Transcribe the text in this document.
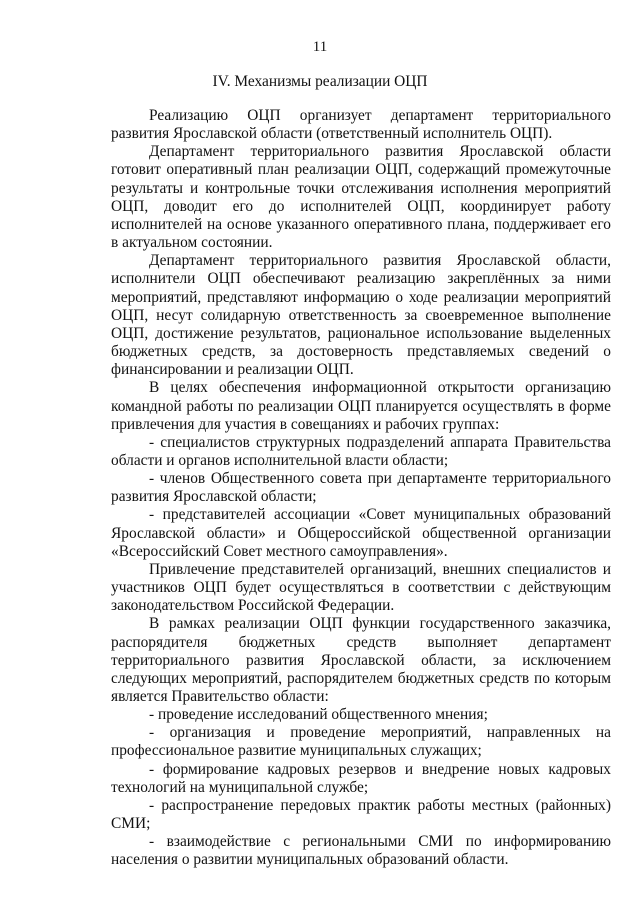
11
IV. Механизмы реализации ОЦП

Реализацию ОЦП организует департамент территориального развития Ярославской области (ответственный исполнитель ОЦП).

Департамент территориального развития Ярославской области готовит оперативный план реализации ОЦП, содержащий промежуточные результаты и контрольные точки отслеживания исполнения мероприятий ОЦП, доводит его до исполнителей ОЦП, координирует работу исполнителей на основе указанного оперативного плана, поддерживает его в актуальном состоянии.

Департамент территориального развития Ярославской области, исполнители ОЦП обеспечивают реализацию закреплённых за ними мероприятий, представляют информацию о ходе реализации мероприятий ОЦП, несут солидарную ответственность за своевременное выполнение ОЦП, достижение результатов, рациональное использование выделенных бюджетных средств, за достоверность представляемых сведений о финансировании и реализации ОЦП.

В целях обеспечения информационной открытости организацию командной работы по реализации ОЦП планируется осуществлять в форме привлечения для участия в совещаниях и рабочих группах:

- специалистов структурных подразделений аппарата Правительства области и органов исполнительной власти области;

- членов Общественного совета при департаменте территориального развития Ярославской области;

- представителей ассоциации «Совет муниципальных образований Ярославской области» и Общероссийской общественной организации «Всероссийский Совет местного самоуправления».

Привлечение представителей организаций, внешних специалистов и участников ОЦП будет осуществляться в соответствии с действующим законодательством Российской Федерации.

В рамках реализации ОЦП функции государственного заказчика, распорядителя бюджетных средств выполняет департамент территориального развития Ярославской области, за исключением следующих мероприятий, распорядителем бюджетных средств по которым является Правительство области:

- проведение исследований общественного мнения;

- организация и проведение мероприятий, направленных на профессиональное развитие муниципальных служащих;

- формирование кадровых резервов и внедрение новых кадровых технологий на муниципальной службе;

- распространение передовых практик работы местных (районных) СМИ;

- взаимодействие с региональными СМИ по информированию населения о развитии муниципальных образований области.
